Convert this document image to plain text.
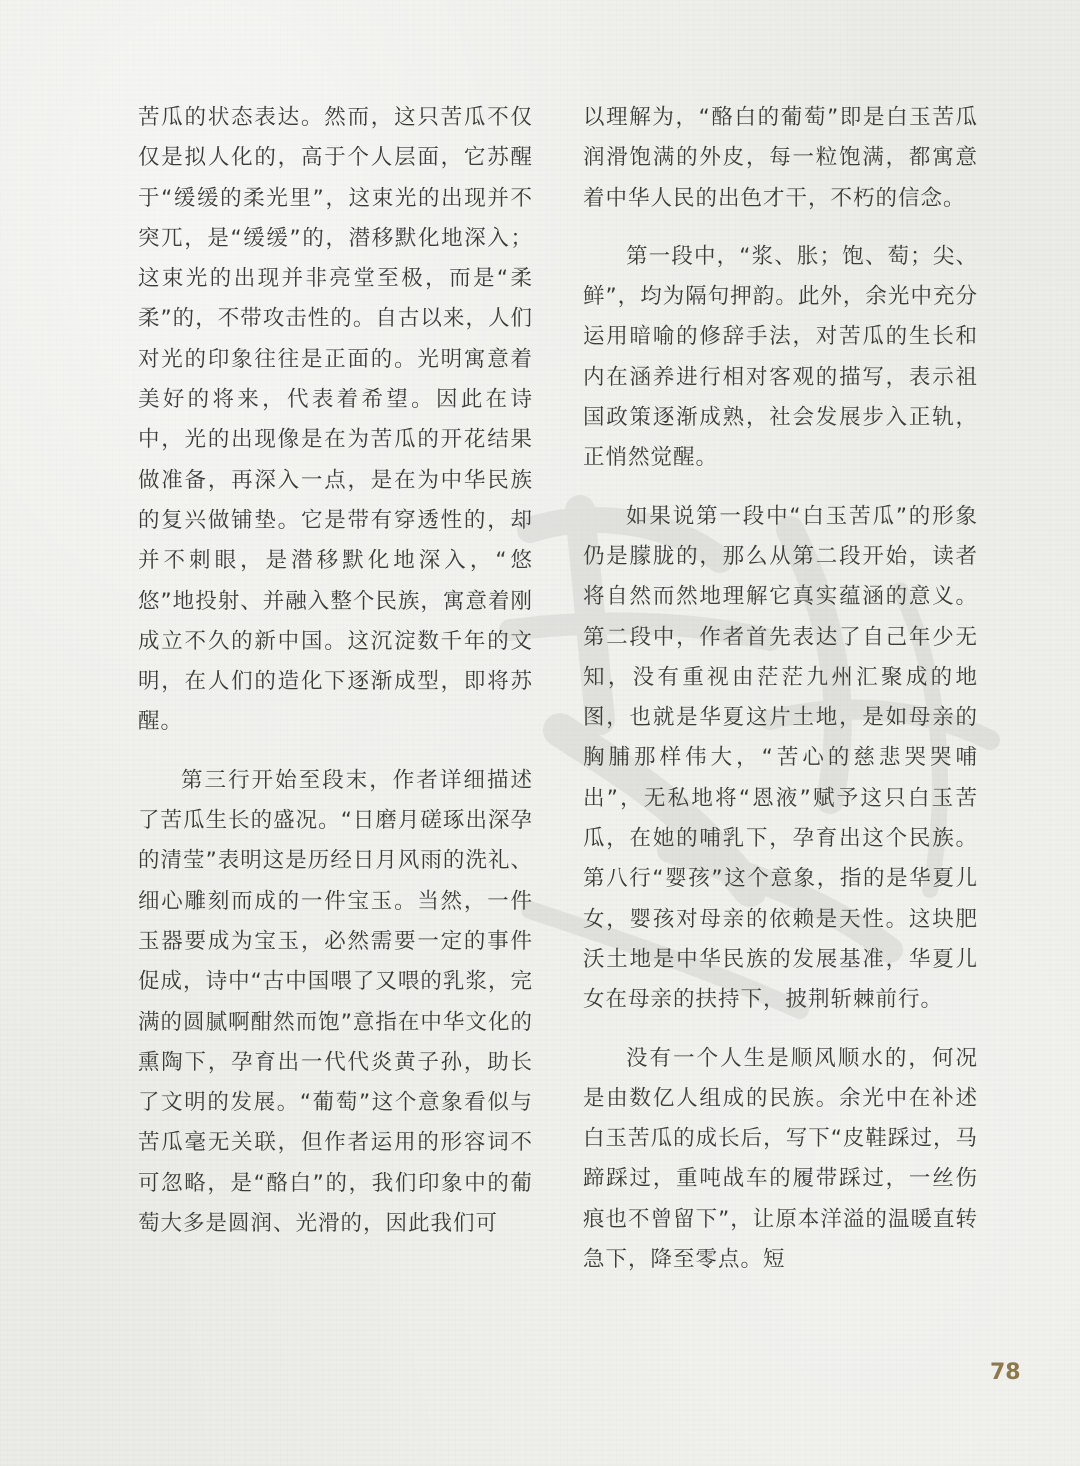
苦瓜的状态表达。然而，这只苦瓜不仅仅是拟人化的，高于个人层面，它苏醒于“缓缓的柔光里”，这束光的出现并不突兀，是“缓缓”的，潜移默化地深入；这束光的出现并非亮堂至极，而是“柔柔”的，不带攻击性的。自古以来，人们对光的印象往往是正面的。光明寓意着美好的将来，代表着希望。因此在诗中，光的出现像是在为苦瓜的开花结果做准备，再深入一点，是在为中华民族的复兴做铺垫。它是带有穿透性的，却并不刺眼，是潜移默化地深入，“悠悠”地投射、并融入整个民族，寓意着刚成立不久的新中国。这沉淀数千年的文明，在人们的造化下逐渐成型，即将苏醒。

第三行开始至段末，作者详细描述了苦瓜生长的盛况。“日磨月磋琢出深孕的清莹”表明这是历经日月风雨的洗礼、细心雕刻而成的一件宝玉。当然，一件玉器要成为宝玉，必然需要一定的事件促成，诗中“古中国喂了又喂的乳浆，完满的圆腻啊酣然而饱”意指在中华文化的熏陶下，孕育出一代代炎黄子孙，助长了文明的发展。“葡萄”这个意象看似与苦瓜毫无关联，但作者运用的形容词不可忽略，是“酪白”的，我们印象中的葡萄大多是圆润、光滑的，因此我们可

以理解为，“酪白的葡萄”即是白玉苦瓜润滑饱满的外皮，每一粒饱满，都寓意着中华人民的出色才干，不朽的信念。

第一段中，“浆、胀；饱、萄；尖、鲜”，均为隔句押韵。此外，余光中充分运用暗喻的修辞手法，对苦瓜的生长和内在涵养进行相对客观的描写，表示祖国政策逐渐成熟，社会发展步入正轨，正悄然觉醒。

如果说第一段中“白玉苦瓜”的形象仍是朦胧的，那么从第二段开始，读者将自然而然地理解它真实蕴涵的意义。第二段中，作者首先表达了自己年少无知，没有重视由茫茫九州汇聚成的地图，也就是华夏这片土地，是如母亲的胸脯那样伟大，“苦心的慈悲哭哭哺出”，无私地将“恩液”赋予这只白玉苦瓜，在她的哺乳下，孕育出这个民族。第八行“婴孩”这个意象，指的是华夏儿女，婴孩对母亲的依赖是天性。这块肥沃土地是中华民族的发展基准，华夏儿女在母亲的扶持下，披荆斩棘前行。

没有一个人生是顺风顺水的，何况是由数亿人组成的民族。余光中在补述白玉苦瓜的成长后，写下“皮鞋踩过，马蹄踩过，重吨战车的履带踩过，一丝伤痕也不曾留下”，让原本洋溢的温暖直转急下，降至零点。短

78
